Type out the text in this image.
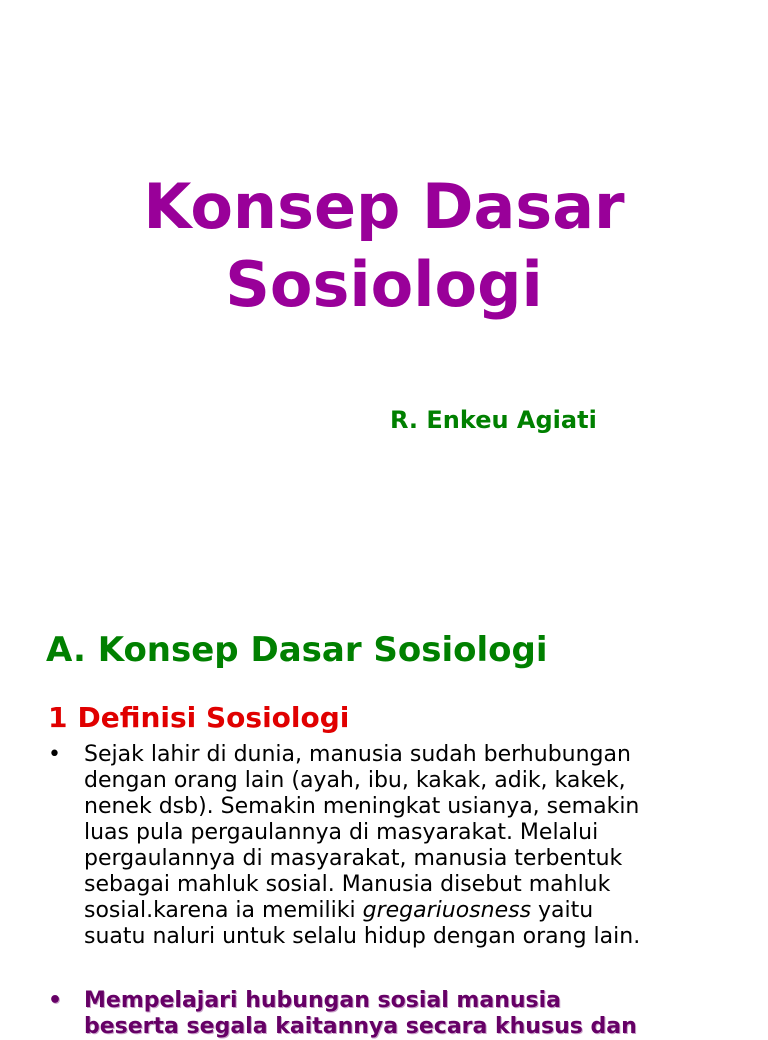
Konsep Dasar
Sosiologi

R. Enkeu Agiati

A. Konsep Dasar Sosiologi
1 Definisi Sosiologi
• Sejak lahir di dunia, manusia sudah berhubungan
dengan orang lain (ayah, ibu, kakak, adik, kakek,
nenek dsb). Semakin meningkat usianya, semakin
luas pula pergaulannya di masyarakat. Melalui
pergaulannya di masyarakat, manusia terbentuk
sebagai mahluk sosial. Manusia disebut mahluk
sosial.karena ia memiliki gregariuosness yaitu
suatu naluri untuk selalu hidup dengan orang lain.
• Mempelajari hubungan sosial manusia
beserta segala kaitannya secara khusus dan
